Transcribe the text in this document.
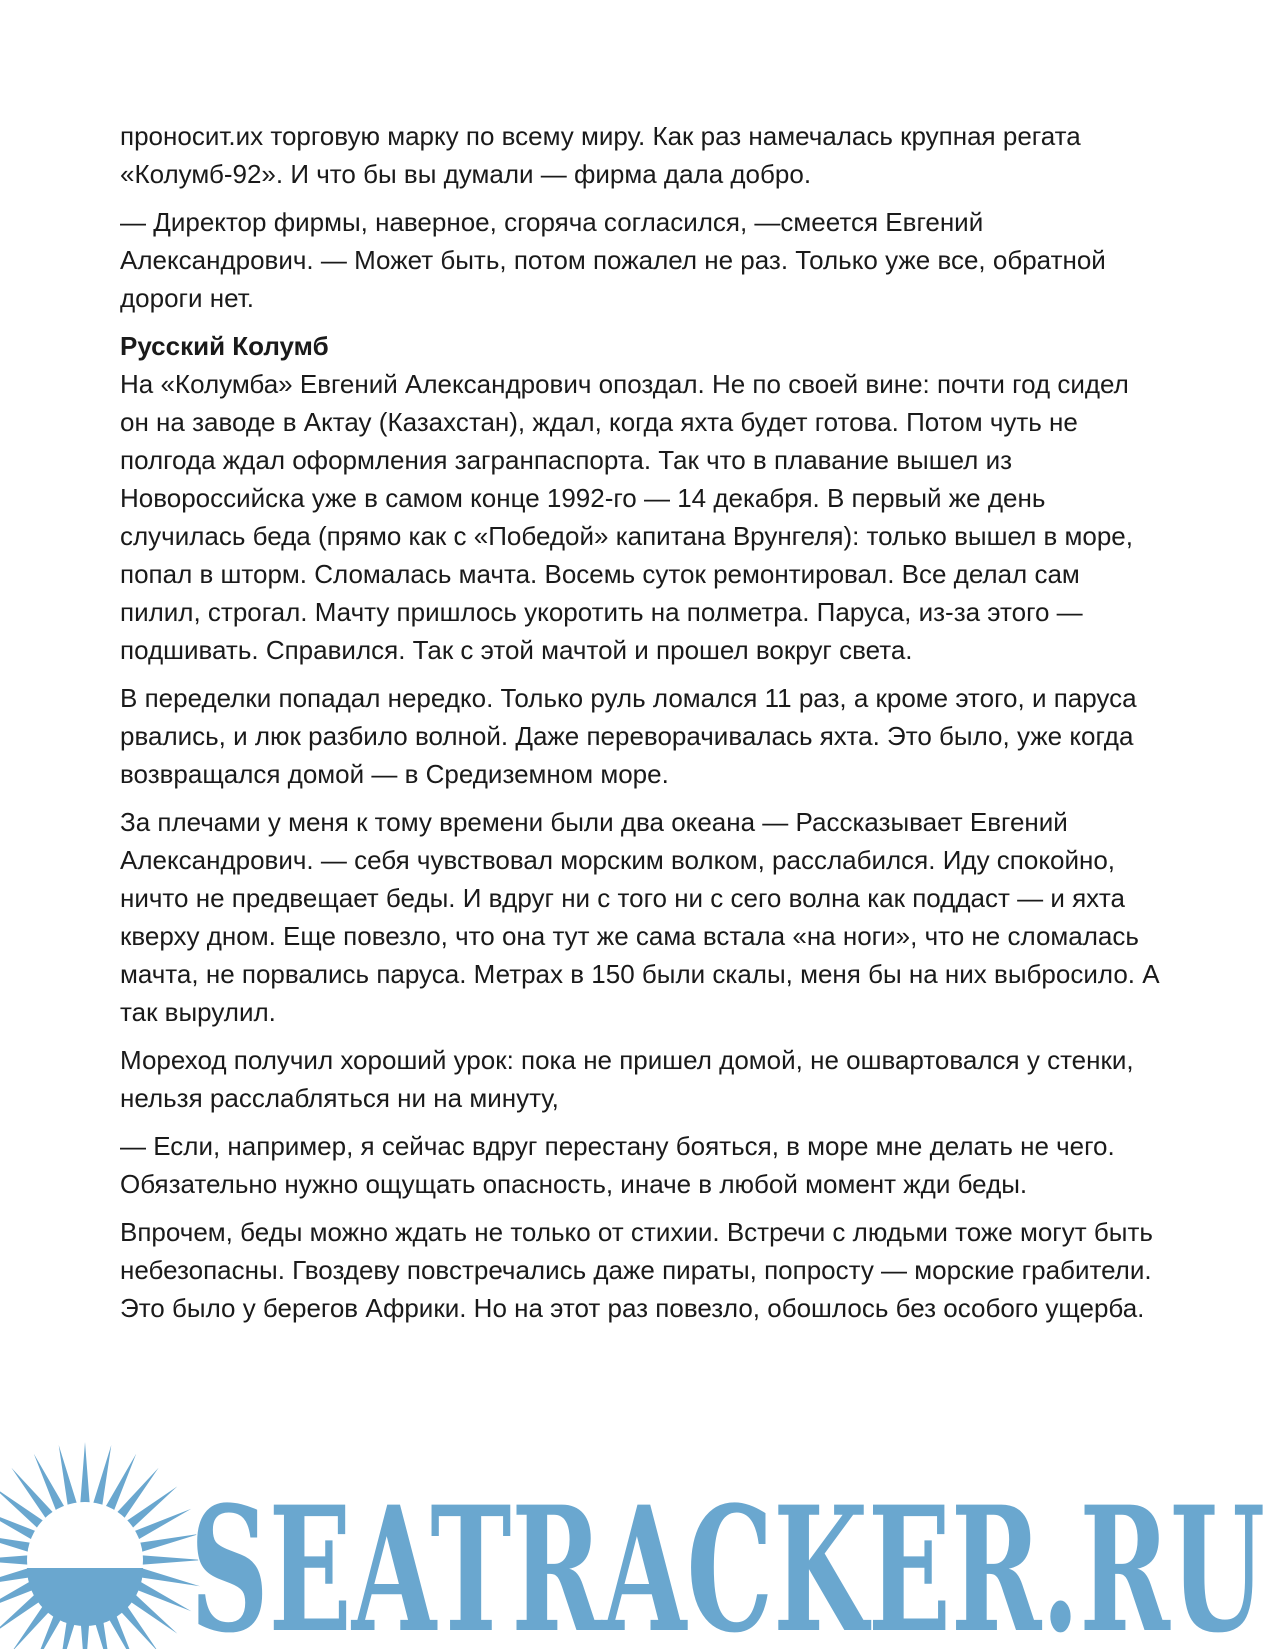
проносит.их торговую марку по всему миру. Как раз намечалась крупная регата «Колумб-92». И что бы вы думали — фирма дала добро.

— Директор фирмы, наверное, сгоряча согласился, —смеется Евгений Александрович. — Может быть, потом пожалел не раз. Только уже все, обратной дороги нет.

Русский Колумб

На «Колумба» Евгений Александрович опоздал. Не по своей вине: почти год сидел он на заводе в Актау (Казахстан), ждал, когда яхта будет готова. Потом чуть не полгода ждал оформления загранпаспорта. Так что в плавание вышел из Новороссийска уже в самом конце 1992-го — 14 декабря. В первый же день случилась беда (прямо как с «Победой» капитана Врунгеля): только вышел в море, попал в шторм. Сломалась мачта. Восемь суток ремонтировал. Все делал сам пилил, строгал. Мачту пришлось укоротить на полметра. Паруса, из-за этого — подшивать. Справился. Так с этой мачтой и прошел вокруг света.

В переделки попадал нередко. Только руль ломался 11 раз, а кроме этого, и паруса рвались, и люк разбило волной. Даже переворачивалась яхта. Это было, уже когда возвращался домой — в Средиземном море.

За плечами у меня к тому времени были два океана — Рассказывает Евгений Александрович. — себя чувствовал морским волком, расслабился. Иду спокойно, ничто не предвещает беды. И вдруг ни с того ни с сего волна как поддаст — и яхта кверху дном. Еще повезло, что она тут же сама встала «на ноги», что не сломалась мачта, не порвались паруса. Метрах в 150 были скалы, меня бы на них выбросило. А так вырулил.

Мореход получил хороший урок: пока не пришел домой, не ошвартовался у стенки, нельзя расслабляться ни на минуту,

— Если, например, я сейчас вдруг перестану бояться, в море мне делать не чего. Обязательно нужно ощущать опасность, иначе в любой момент жди беды.

Впрочем, беды можно ждать не только от стихии. Встречи с людьми тоже могут быть небезопасны. Гвоздеву повстречались даже пираты, попросту — морские грабители. Это было у берегов Африки. Но на этот раз повезло, обошлось без особого ущерба.

SEATRACKER.RU
